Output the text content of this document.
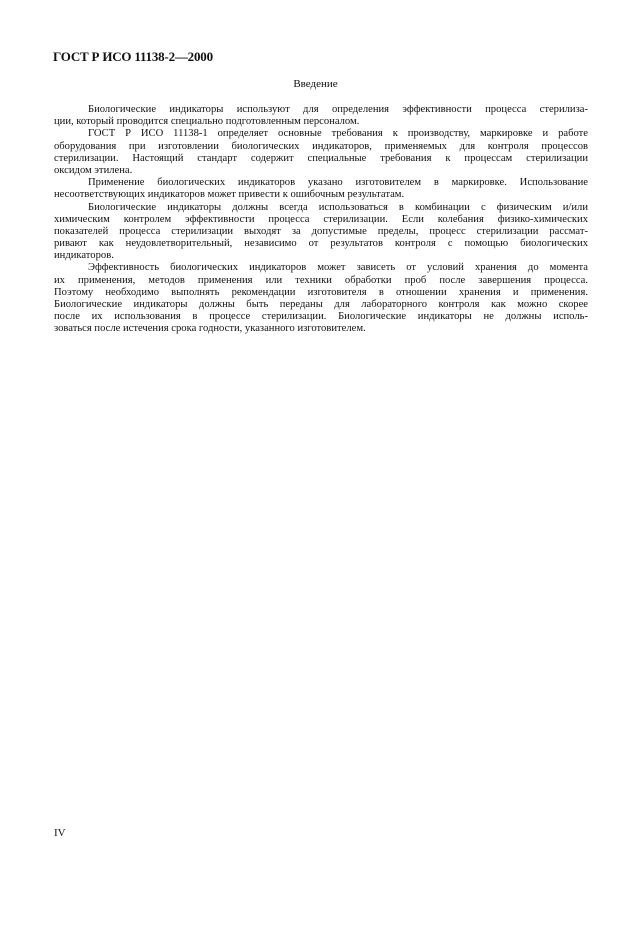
ГОСТ Р ИСО 11138-2—2000
Введение
Биологические индикаторы используют для определения эффективности процесса стерилиза-
ции, который проводится специально подготовленным персоналом.
ГОСТ Р ИСО 11138-1 определяет основные требования к производству, маркировке и работе
оборудования при изготовлении биологических индикаторов, применяемых для контроля процессов
стерилизации. Настоящий стандарт содержит специальные требования к процессам стерилизации
оксидом этилена.
Применение биологических индикаторов указано изготовителем в маркировке. Использование
несоответствующих индикаторов может привести к ошибочным результатам.
Биологические индикаторы должны всегда использоваться в комбинации с физическим и/или
химическим контролем эффективности процесса стерилизации. Если колебания физико-химических
показателей процесса стерилизации выходят за допустимые пределы, процесс стерилизации рассмат-
ривают как неудовлетворительный, независимо от результатов контроля с помощью биологических
индикаторов.
Эффективность биологических индикаторов может зависеть от условий хранения до момента
их применения, методов применения или техники обработки проб после завершения процесса.
Поэтому необходимо выполнять рекомендации изготовителя в отношении хранения и применения.
Биологические индикаторы должны быть переданы для лабораторного контроля как можно скорее
после их использования в процессе стерилизации. Биологические индикаторы не должны исполь-
зоваться после истечения срока годности, указанного изготовителем.
IV
